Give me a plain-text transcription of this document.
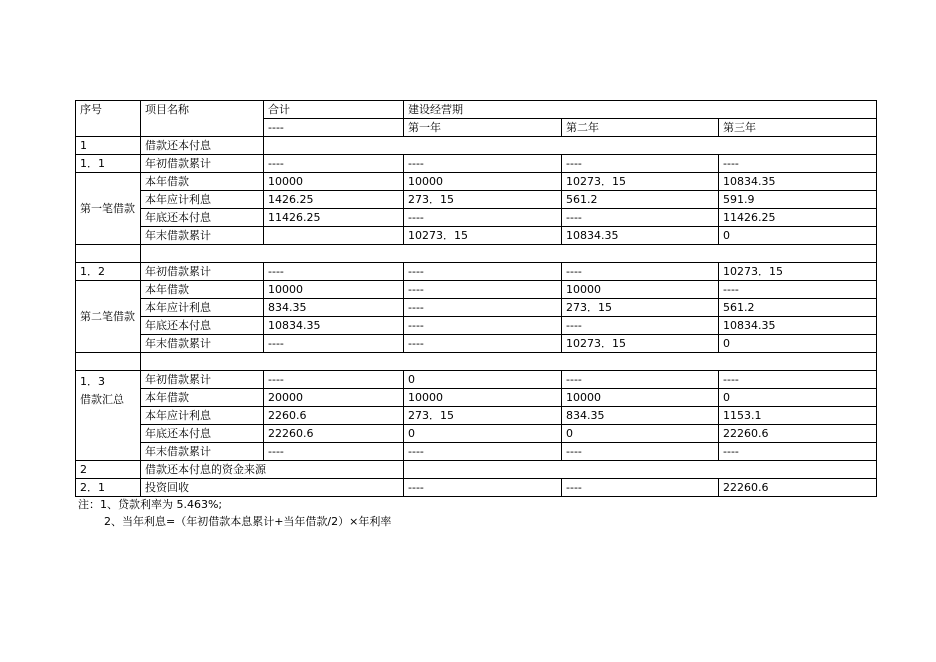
序号	项目名称	合计	建设经营期		
		----	第一年	第二年	第三年
1	借款还本付息				
1．1	年初借款累计	----	----	----	----
第一笔借款	本年借款	10000	10000	10273．15	10834.35
	本年应计利息	1426.25	273．15	561.2	591.9
	年底还本付息	11426.25	----	----	11426.25
	年末借款累计		10273．15	10834.35	0

1．2	年初借款累计	----	----	----	10273．15
第二笔借款	本年借款	10000	----	10000	----
	本年应计利息	834.35	----	273．15	561.2
	年底还本付息	10834.35	----	----	10834.35
	年末借款累计	----	----	10273．15	0

1．3
借款汇总	年初借款累计	----	0	----	----
	本年借款	20000	10000	10000	0
	本年应计利息	2260.6	273．15	834.35	1153.1
	年底还本付息	22260.6	0	0	22260.6
	年末借款累计	----	----	----	----
2	借款还本付息的资金来源				
2．1	投资回收		----	----	22260.6
注：1、贷款利率为 5.463%;
2、当年利息=（年初借款本息累计+当年借款/2）×年利率
